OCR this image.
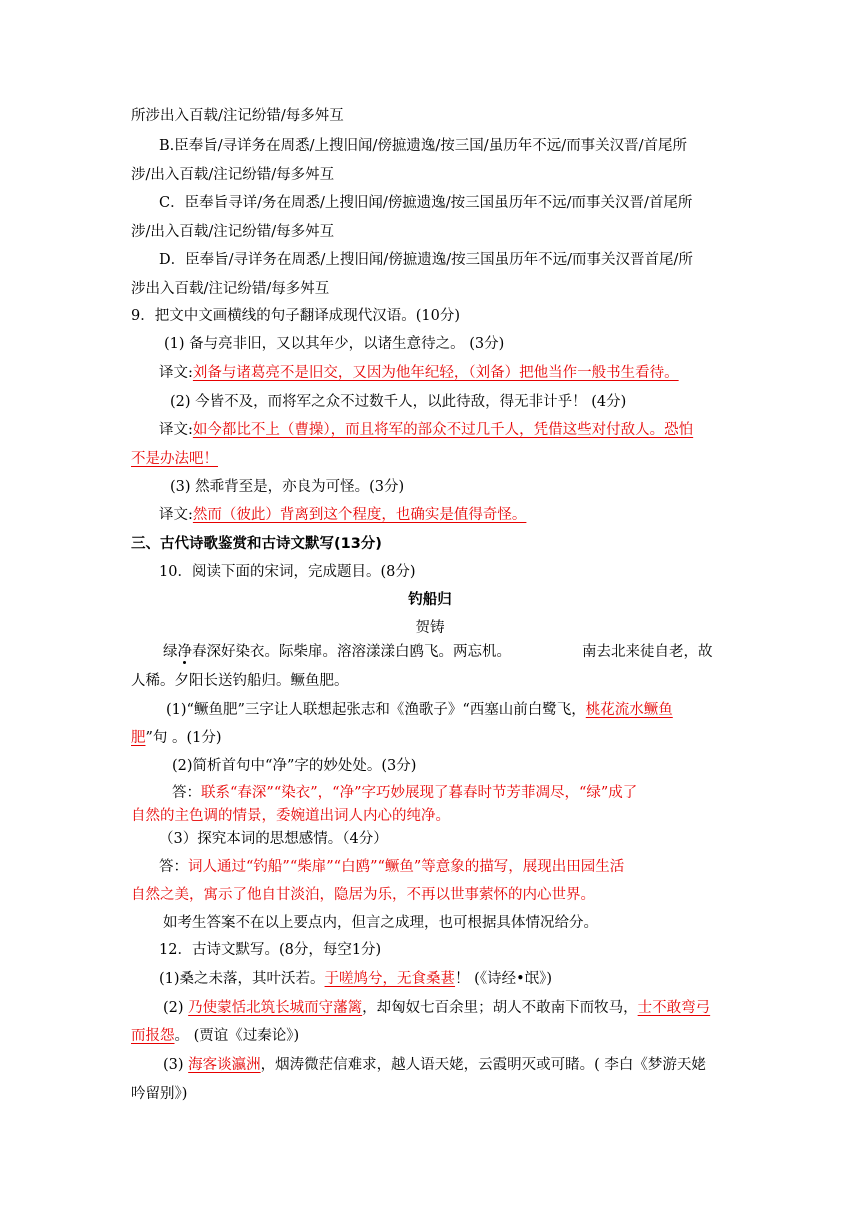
所涉出入百载/注记纷错/每多舛互
B.臣奉旨/寻详务在周悉/上搜旧闻/傍摭遗逸/按三国/虽历年不远/而事关汉晋/首尾所
涉/出入百载/注记纷错/每多舛互
C．臣奉旨寻详/务在周悉/上搜旧闻/傍摭遗逸/按三国虽历年不远/而事关汉晋/首尾所
涉/出入百载/注记纷错/每多舛互
D．臣奉旨/寻详务在周悉/上搜旧闻/傍摭遗逸/按三国虽历年不远/而事关汉晋首尾/所
涉出入百载/注记纷错/每多舛互
9．把文中文画横线的句子翻译成现代汉语。(10分)
(1) 备与亮非旧，又以其年少，以诸生意待之。 (3分)
译文:刘备与诸葛亮不是旧交，又因为他年纪轻，（刘备）把他当作一般书生看待。
(2) 今皆不及，而将军之众不过数千人，以此待敌，得无非计乎！ (4分)
译文:如今都比不上（曹操），而且将军的部众不过几千人，凭借这些对付敌人。恐怕
不是办法吧！
(3) 然乖背至是，亦良为可怪。(3分)
译文:然而（彼此）背离到这个程度，也确实是值得奇怪。
三、古代诗歌鉴赏和古诗文默写(13分)
10．阅读下面的宋词，完成题目。(8分)
钓船归
贺铸
绿净春深好染衣。际柴扉。溶溶漾漾白鸥飞。两忘机。	南去北来徒自老，故
人稀。夕阳长送钓船归。鳜鱼肥。
(1)“鳜鱼肥”三字让人联想起张志和《渔歌子》“西塞山前白鹭飞，桃花流水鳜鱼
肥”句 。(1分)
(2)简析首句中“净”字的妙处处。(3分)
答：联系“春深”“染衣”，“净”字巧妙展现了暮春时节芳菲凋尽，“绿”成了
自然的主色调的情景，委婉道出词人内心的纯净。
（3）探究本词的思想感情。（4分）
答：词人通过“钓船”“柴扉”“白鸥”“鳜鱼”等意象的描写，展现出田园生活
自然之美，寓示了他自甘淡泊，隐居为乐，不再以世事萦怀的内心世界。
如考生答案不在以上要点内，但言之成理，也可根据具体情况给分。
12．古诗文默写。(8分，每空1分)
(1)桑之未落，其叶沃若。于嗟鸠兮，无食桑葚！ (《诗经•氓》)
(2) 乃使蒙恬北筑长城而守藩篱，却匈奴七百余里；胡人不敢南下而牧马，士不敢弯弓
而报怨。 (贾谊《过秦论》)
(3) 海客谈瀛洲，烟涛微茫信难求，越人语天姥，云霞明灭或可睹。( 李白《梦游天姥
吟留别》)
